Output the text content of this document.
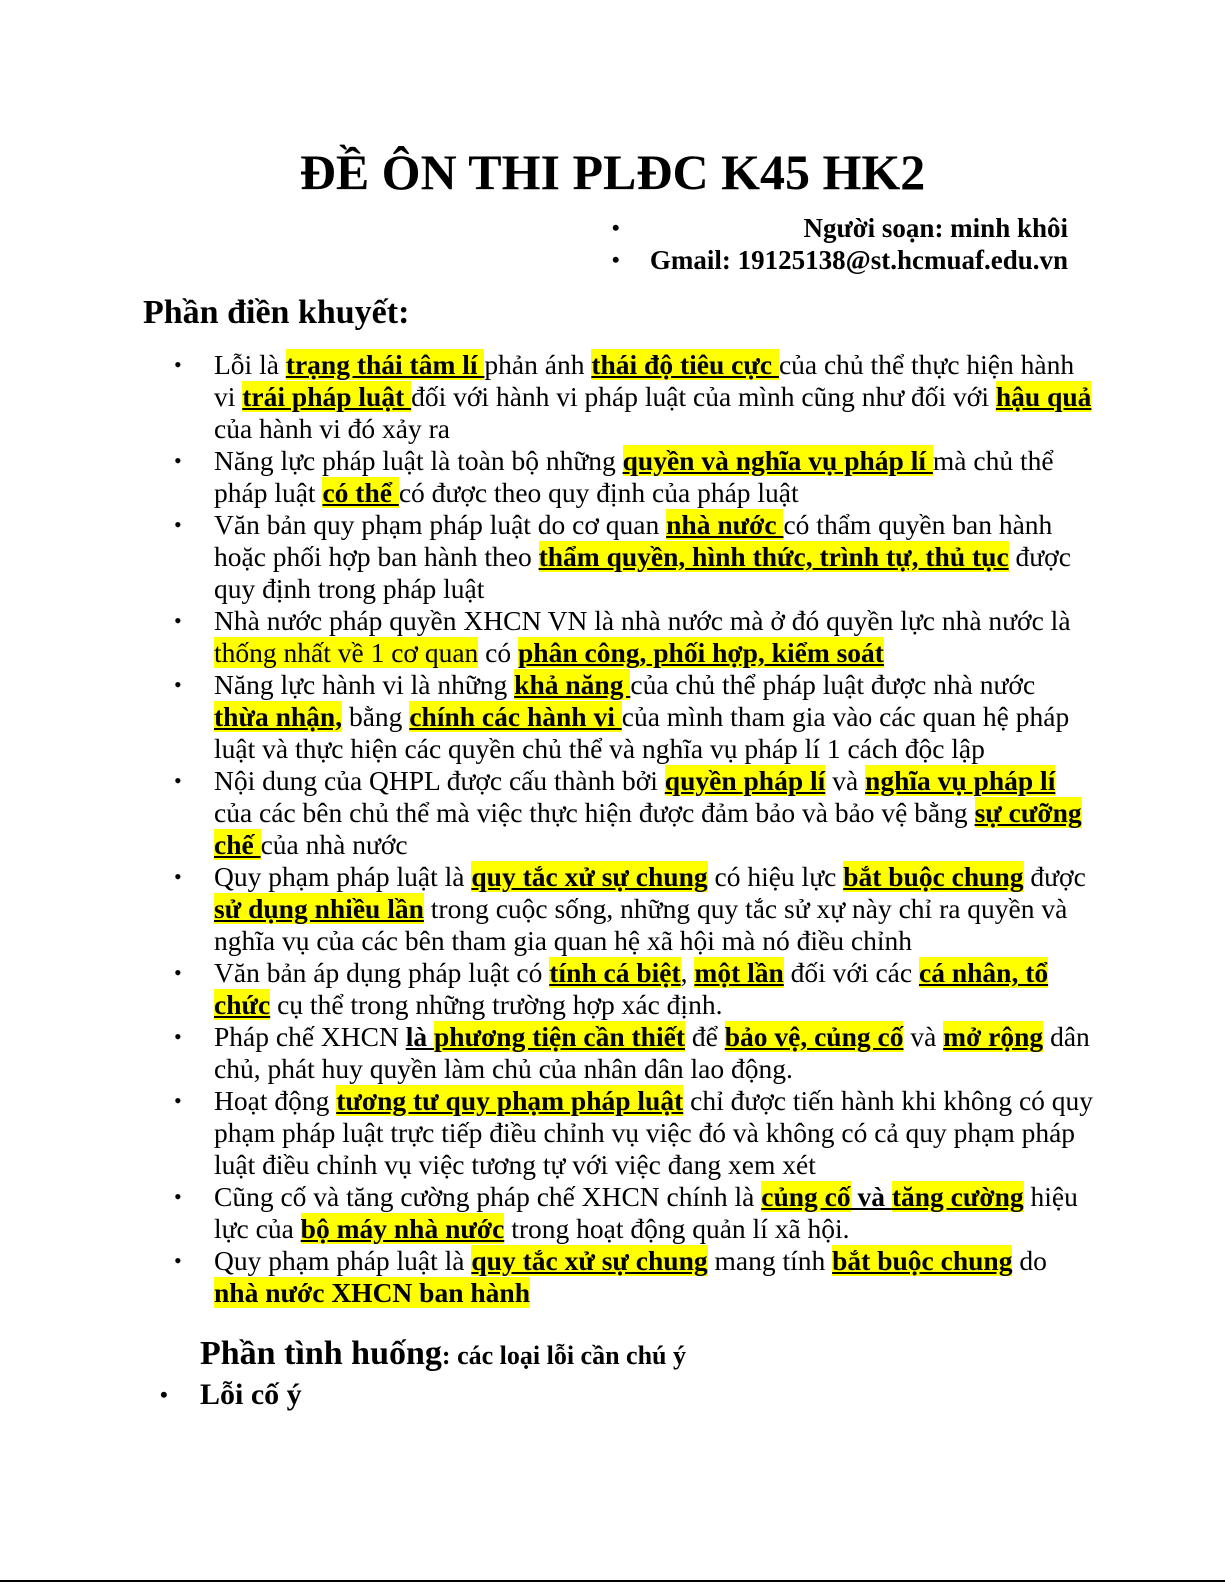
ĐỀ ÔN THI PLĐC K45 HK2
• Người soạn: minh khôi
• Gmail: 19125138@st.hcmuaf.edu.vn
Phần điền khuyết:
• Lỗi là trạng thái tâm lí phản ánh thái độ tiêu cực của chủ thể thực hiện hành vi trái pháp luật đối với hành vi pháp luật của mình cũng như đối với hậu quả của hành vi đó xảy ra
• Năng lực pháp luật là toàn bộ những quyền và nghĩa vụ pháp lí mà chủ thể pháp luật có thể có được theo quy định của pháp luật
• Văn bản quy phạm pháp luật do cơ quan nhà nước có thẩm quyền ban hành hoặc phối hợp ban hành theo thẩm quyền, hình thức, trình tự, thủ tục được quy định trong pháp luật
• Nhà nước pháp quyền XHCN VN là nhà nước mà ở đó quyền lực nhà nước là thống nhất về 1 cơ quan có phân công, phối hợp, kiểm soát
• Năng lực hành vi là những khả năng của chủ thể pháp luật được nhà nước thừa nhận, bằng chính các hành vi của mình tham gia vào các quan hệ pháp luật và thực hiện các quyền chủ thể và nghĩa vụ pháp lí 1 cách độc lập
• Nội dung của QHPL được cấu thành bởi quyền pháp lí và nghĩa vụ pháp lí của các bên chủ thể mà việc thực hiện được đảm bảo và bảo vệ bằng sự cưỡng chế của nhà nước
• Quy phạm pháp luật là quy tắc xử sự chung có hiệu lực bắt buộc chung được sử dụng nhiều lần trong cuộc sống, những quy tắc sử xự này chỉ ra quyền và nghĩa vụ của các bên tham gia quan hệ xã hội mà nó điều chỉnh
• Văn bản áp dụng pháp luật có tính cá biệt, một lần đối với các cá nhân, tổ chức cụ thể trong những trường hợp xác định.
• Pháp chế XHCN là phương tiện cần thiết để bảo vệ, củng cố và mở rộng dân chủ, phát huy quyền làm chủ của nhân dân lao động.
• Hoạt động tương tư quy phạm pháp luật chỉ được tiến hành khi không có quy phạm pháp luật trực tiếp điều chỉnh vụ việc đó và không có cả quy phạm pháp luật điều chỉnh vụ việc tương tự với việc đang xem xét
• Cũng cố và tăng cường pháp chế XHCN chính là củng cố và tăng cường hiệu lực của bộ máy nhà nước trong hoạt động quản lí xã hội.
• Quy phạm pháp luật là quy tắc xử sự chung mang tính bắt buộc chung do nhà nước XHCN ban hành
Phần tình huống: các loại lỗi cần chú ý
• Lỗi cố ý
